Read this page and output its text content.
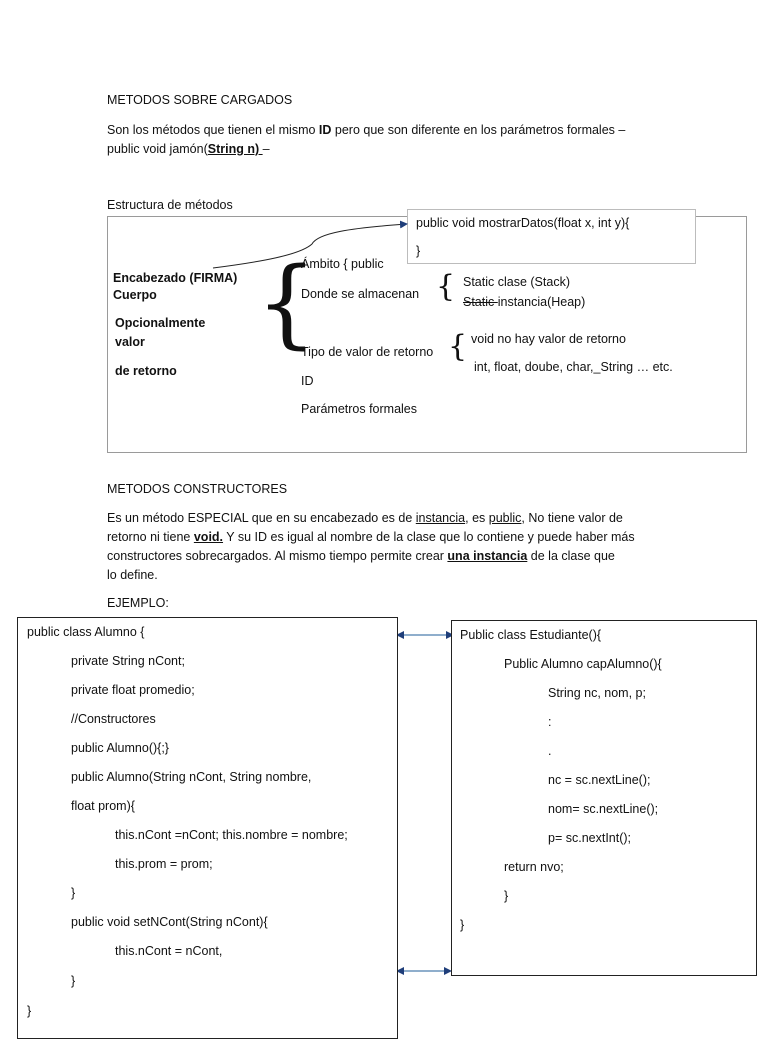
METODOS SOBRE CARGADOS
Son los métodos que tienen el mismo ID pero que son diferente en los parámetros formales –
public void jamón(String n) –
Estructura de métodos
public void mostrarDatos(float x, int y){
}
Encabezado (FIRMA)
Cuerpo
Opcionalmente
valor
de retorno
{
Ámbito { public
Donde se almacenan { Static clase (Stack)
Static instancia(Heap)
Tipo de valor de retorno { void no hay valor de retorno
int, float, doube, char,_String … etc.
ID
Parámetros formales
METODOS CONSTRUCTORES
Es un método ESPECIAL que en su encabezado es de instancia, es public, No tiene valor de
retorno ni tiene void. Y su ID es igual al nombre de la clase que lo contiene y puede haber más
constructores sobrecargados. Al mismo tiempo permite crear una instancia de la clase que
lo define.
EJEMPLO:
public class Alumno {
private String nCont;
private float promedio;
//Constructores
public Alumno(){;}
public Alumno(String nCont, String nombre,
float prom){
this.nCont =nCont; this.nombre = nombre;
this.prom = prom;
}
public void setNCont(String nCont){
this.nCont = nCont,
}
}
Public class Estudiante(){
Public Alumno capAlumno(){
String nc, nom, p;
:
.
nc = sc.nextLine();
nom= sc.nextLine();
p= sc.nextInt();
return nvo;
}
}
